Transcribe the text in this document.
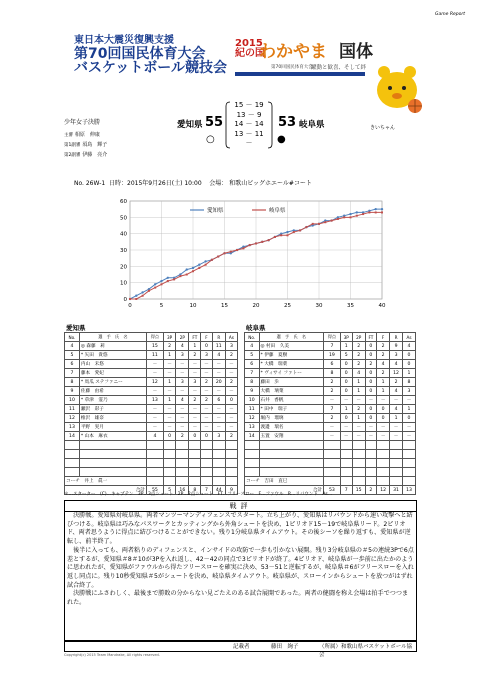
Game Report
東日本大震災復興支援
第70回国民体育大会
バスケットボール競技会
2015
紀の国
わかやま 国体
第70回国民体育大会
躍動と歓喜、そして絆
きいちゃん
少年女子決勝
主審 相原　伸康
第1副審 須鳥　輝子
第2副審 伊藤　亮介
愛知県 55
○
15 － 19
13 － 9
14 － 14
13 － 11
－
53 岐阜県
●
No. 26W-1 日時：2015年9月26日(土) 10:00 会場： 和歌山ビッグホエール#コート
0
10
20
30
40
50
60
0	5	10	15	20	25	30	35	40
愛知県	岐阜県
愛知県
No.	選　手　氏　名	得点	3P	2P	FT	F	R	As
4	◎ 森藤　莉	15	2	4	1	0	11	3
5	* 矢田　貴悠	11	1	3	2	3	4	2
6	内山　未悠	－	－	－	－	－	－	－
7	藤本　愛妃	－	－	－	－	－	－	－
8	* 馬瓜 ステファニー	12	1	3	3	2	20	2
9	佐藤　由希	－	－	－	－	－	－	－
10	* 草津　霊乃	13	1	4	2	2	6	0
11	瀬沢　彩子	－	－	－	－	－	－	－
12	椎沢　雄奈	－	－	－	－	－	－	－
13	平野　実月	－	－	－	－	－	－	－
14	* 山本　麻衣	4	0	2	0	0	3	2

コーチ　井上　眞一								
合計		55	5	16	8	7	44	9
岐阜県
No.	選　手　氏　名	得点	3P	2P	FT	F	R	As
4	◎ 村田　久美	7	1	2	0	2	9	4
5	* 伊藤　夏樹	19	5	2	0	2	3	0
6	* 大橋　瑞菜	6	0	2	2	4	4	0
7	* ヴィサイ ファトー	8	0	4	0	2	12	1
8	藤田　歩	2	0	1	0	1	2	8
9	大橋　璃菜	2	0	1	0	1	4	3
10	石井　香帆	－	－	－	－	－	－	－
11	* 田中　瑞子	7	1	2	0	0	4	1
12	堀内　瑠璃	2	0	1	0	0	1	0
13	渡邊　瑞名	－	－	－	－	－	－	－
14	玉置　安翔	－	－	－	－	－	－	－

コーチ　吉田　直巳								
合計		53	7	15	2	12	31	13
＊…スターター　(C)…キャプテン　3P…3点シュート　2P…2点シュート　FT…フリースロー　F…ファウル　R…リバウンド　As…
戦評
　決勝戦。愛知県対岐阜県。両者マンツーマンディフェンスでスタート。立ち上がり、愛知県はリバウンドから速い攻撃へと結びつける。岐阜県は巧みなパスワークとカッティングから外角シュートを決め、1ピリオド15－19で岐阜県リード。2ピリオド、両者思うように得点に結びつけることができない。残り1分岐阜県タイムアウト。その後シーソを繰り返すも、愛知県が逆転し、前半終了。
　後半に入っても、両者粘りのディフェンスと、インサイドの攻防で一歩も引かない展開。残り3分岐阜県の＃5の連続3Pで6点差とするが、愛知県＃8＃10が3Pを入れ返し、42－42の同点で3ピリオドが終了。4ピリオド、岐阜県が一歩前に出たかのように思われたが、愛知県がファウルから得たフリースローを確実に決め、53－51と逆転するが、岐阜県＃6がフリースローを入れ返し同点に。残り10秒愛知県＃5がシュートを決め、岐阜県タイムアウト。岐阜県が、スローインからシュートを放つがはずれ試合終了。
　決勝戦にふさわしく、最後まで勝敗の分からない見ごたえのある試合展開であった。両者の健闘を称え会場は拍手でつつまれた。
記載者	藤田　絢子	（所属）和歌山県バスケットボール協会
Copyright(c) 2015 Team Mandrake, All rights reserved.
